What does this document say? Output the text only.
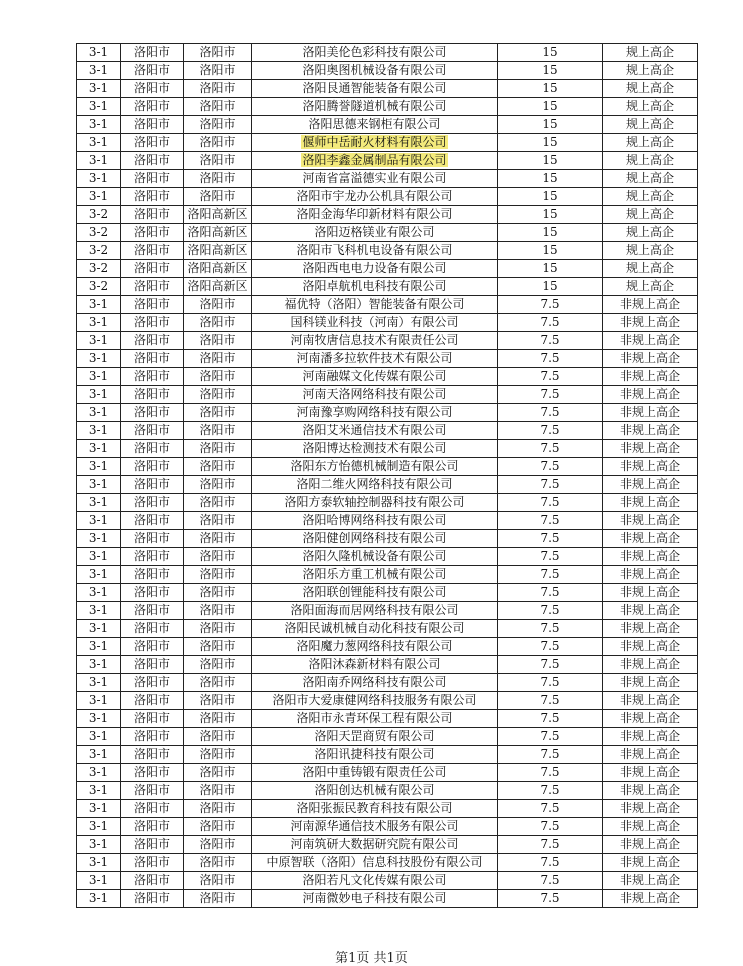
3-1	洛阳市	洛阳市	洛阳美伦色彩科技有限公司	15	规上高企
3-1	洛阳市	洛阳市	洛阳奥图机械设备有限公司	15	规上高企
3-1	洛阳市	洛阳市	洛阳艮通智能装备有限公司	15	规上高企
3-1	洛阳市	洛阳市	洛阳腾誉隧道机械有限公司	15	规上高企
3-1	洛阳市	洛阳市	洛阳思德来钢柜有限公司	15	规上高企
3-1	洛阳市	洛阳市	偃师中岳耐火材料有限公司	15	规上高企
3-1	洛阳市	洛阳市	洛阳李鑫金属制品有限公司	15	规上高企
3-1	洛阳市	洛阳市	河南省富溢德实业有限公司	15	规上高企
3-1	洛阳市	洛阳市	洛阳市宇龙办公机具有限公司	15	规上高企
3-2	洛阳市	洛阳高新区	洛阳金海华印新材料有限公司	15	规上高企
3-2	洛阳市	洛阳高新区	洛阳迈格镁业有限公司	15	规上高企
3-2	洛阳市	洛阳高新区	洛阳市飞科机电设备有限公司	15	规上高企
3-2	洛阳市	洛阳高新区	洛阳西电电力设备有限公司	15	规上高企
3-2	洛阳市	洛阳高新区	洛阳卓航机电科技有限公司	15	规上高企
3-1	洛阳市	洛阳市	福优特（洛阳）智能装备有限公司	7.5	非规上高企
3-1	洛阳市	洛阳市	国科镁业科技（河南）有限公司	7.5	非规上高企
3-1	洛阳市	洛阳市	河南牧唐信息技术有限责任公司	7.5	非规上高企
3-1	洛阳市	洛阳市	河南潘多拉软件技术有限公司	7.5	非规上高企
3-1	洛阳市	洛阳市	河南融媒文化传媒有限公司	7.5	非规上高企
3-1	洛阳市	洛阳市	河南天洛网络科技有限公司	7.5	非规上高企
3-1	洛阳市	洛阳市	河南豫享购网络科技有限公司	7.5	非规上高企
3-1	洛阳市	洛阳市	洛阳艾米通信技术有限公司	7.5	非规上高企
3-1	洛阳市	洛阳市	洛阳博达检测技术有限公司	7.5	非规上高企
3-1	洛阳市	洛阳市	洛阳东方怡德机械制造有限公司	7.5	非规上高企
3-1	洛阳市	洛阳市	洛阳二维火网络科技有限公司	7.5	非规上高企
3-1	洛阳市	洛阳市	洛阳方泰软轴控制器科技有限公司	7.5	非规上高企
3-1	洛阳市	洛阳市	洛阳哈博网络科技有限公司	7.5	非规上高企
3-1	洛阳市	洛阳市	洛阳健创网络科技有限公司	7.5	非规上高企
3-1	洛阳市	洛阳市	洛阳久隆机械设备有限公司	7.5	非规上高企
3-1	洛阳市	洛阳市	洛阳乐方重工机械有限公司	7.5	非规上高企
3-1	洛阳市	洛阳市	洛阳联创锂能科技有限公司	7.5	非规上高企
3-1	洛阳市	洛阳市	洛阳面海而居网络科技有限公司	7.5	非规上高企
3-1	洛阳市	洛阳市	洛阳民诚机械自动化科技有限公司	7.5	非规上高企
3-1	洛阳市	洛阳市	洛阳魔力葱网络科技有限公司	7.5	非规上高企
3-1	洛阳市	洛阳市	洛阳沐森新材料有限公司	7.5	非规上高企
3-1	洛阳市	洛阳市	洛阳南乔网络科技有限公司	7.5	非规上高企
3-1	洛阳市	洛阳市	洛阳市大爱康健网络科技服务有限公司	7.5	非规上高企
3-1	洛阳市	洛阳市	洛阳市永青环保工程有限公司	7.5	非规上高企
3-1	洛阳市	洛阳市	洛阳天罡商贸有限公司	7.5	非规上高企
3-1	洛阳市	洛阳市	洛阳讯捷科技有限公司	7.5	非规上高企
3-1	洛阳市	洛阳市	洛阳中重铸锻有限责任公司	7.5	非规上高企
3-1	洛阳市	洛阳市	洛阳创达机械有限公司	7.5	非规上高企
3-1	洛阳市	洛阳市	洛阳张振民教育科技有限公司	7.5	非规上高企
3-1	洛阳市	洛阳市	河南源华通信技术服务有限公司	7.5	非规上高企
3-1	洛阳市	洛阳市	河南筑研大数据研究院有限公司	7.5	非规上高企
3-1	洛阳市	洛阳市	中原智联（洛阳）信息科技股份有限公司	7.5	非规上高企
3-1	洛阳市	洛阳市	洛阳若凡文化传媒有限公司	7.5	非规上高企
3-1	洛阳市	洛阳市	河南微妙电子科技有限公司	7.5	非规上高企
第1页 共1页
